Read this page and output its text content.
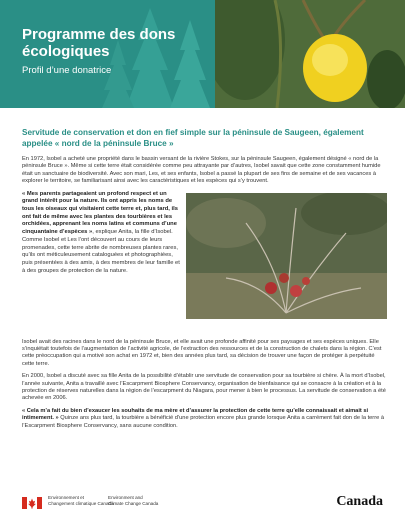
Programme des dons écologiques
Profil d’une donatrice
Servitude de conservation et don en fief simple sur la péninsule de Saugeen, également appelée « nord de la péninsule Bruce »

En 1972, Isobel a acheté une propriété dans le bassin versant de la rivière Stokes, sur la péninsule Saugeen, également désigné « nord de la péninsule Bruce ». Même si cette terre était considérée comme peu attrayante par d’autres, Isobel savait que cette zone constamment humide était un sanctuaire de biodiversité. Avec son mari, Les, et ses enfants, Isobel a passé la plupart de ses fins de semaine et de ses vacances à explorer le territoire, se familiarisant ainsi avec les caractéristiques et les espèces qui s’y trouvent.

« Mes parents partageaient un profond respect et un grand intérêt pour la nature. Ils ont appris les noms de tous les oiseaux qui visitaient cette terre et, plus tard, ils ont fait de même avec les plantes des tourbières et les orchidées, apprenant les noms latins et communs d’une cinquantaine d’espèces », explique Anita, la fille d’Isobel. Comme Isobel et Les l’ont découvert au cours de leurs promenades, cette terre abrite de nombreuses plantes rares, qu’ils ont méticuleusement cataloguées et photographiées, puis présentées à des amis, à des membres de leur famille et à des groupes de protection de la nature.

Isobel avait des racines dans le nord de la péninsule Bruce, et elle avait une profonde affinité pour ses paysages et ses espèces uniques. Elle s’inquiétait toutefois de l’augmentation de l’activité agricole, de l’extraction des ressources et de la construction de chalets dans la région. C’est cette préoccupation qui a motivé son achat en 1972 et, bien des années plus tard, sa décision de trouver une façon de protéger à perpétuité cette terre.

En 2000, Isobel a discuté avec sa fille Anita de la possibilité d’établir une servitude de conservation pour sa tourbière si chère. À la mort d’Isobel, l’année suivante, Anita a travaillé avec l’Escarpment Biosphere Conservancy, organisation de bienfaisance qui se consacre à la création et à la protection de réserves naturelles dans la région de l’escarpment du Niagara, pour mener à bien le processus. La servitude de conservation a été achevée en 2006.

« Cela m’a fait du bien d’exaucer les souhaits de ma mère et d’assurer la protection de cette terre qu’elle connaissait et aimait si intimement. » Quinze ans plus tard, la tourbière a bénéficié d’une protection encore plus grande lorsque Anita a carrément fait don de la terre à l’Escarpment Biosphere Conservancy, sans aucune condition.

Environnement et
Changement climatique Canada
Environment and
Climate Change Canada	Canada
